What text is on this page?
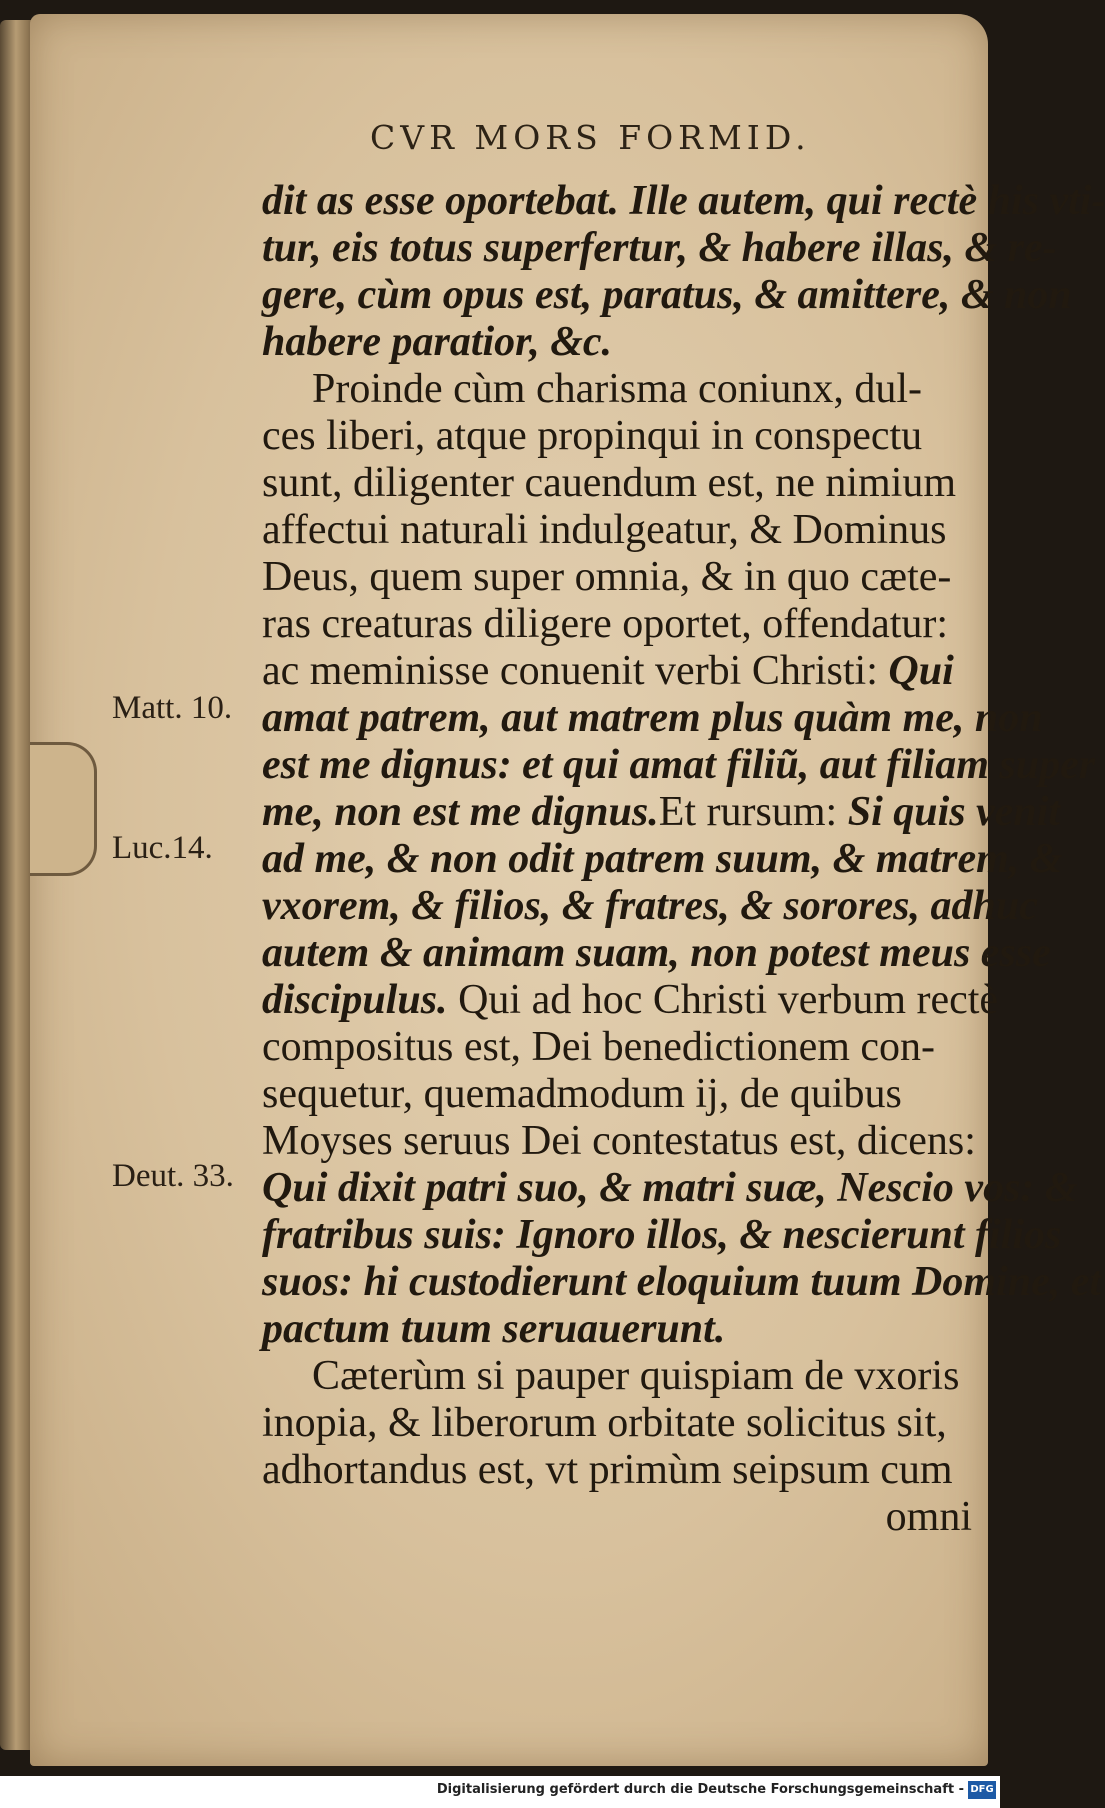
CVR MORS FORMID.
dit as esse oportebat. Ille autem, qui rectè his vti-
tur, eis totus superfertur, & habere illas, & re-
gere, cùm opus est, paratus, & amittere, & non
habere paratior, &c.
Proinde cùm charisma coniunx, dul-
ces liberi, atque propinqui in conspectu
sunt, diligenter cauendum est, ne nimium
affectui naturali indulgeatur, & Dominus
Deus, quem super omnia, & in quo cæte-
ras creaturas diligere oportet, offendatur:
ac meminisse conuenit verbi Christi: Qui
amat patrem, aut matrem plus quàm me, non
est me dignus: et qui amat filiũ, aut filiam super
me, non est me dignus.Et rursum: Si quis venit
ad me, & non odit patrem suum, & matrem, &
vxorem, & filios, & fratres, & sorores, adhuc
autem & animam suam, non potest meus esse
discipulus. Qui ad hoc Christi verbum rectè
compositus est, Dei benedictionem con-
sequetur, quemadmodum ij, de quibus
Moyses seruus Dei contestatus est, dicens:
Qui dixit patri suo, & matri suæ, Nescio vos: &
fratribus suis: Ignoro illos, & nescierunt filios
suos: hi custodierunt eloquium tuum Domine, et
pactum tuum seruauerunt.
Cæterùm si pauper quispiam de vxoris
inopia, & liberorum orbitate solicitus sit,
adhortandus est, vt primùm seipsum cum
omni
Matt. 10.
Luc.14.
Deut. 33.
Digitalisierung gefördert durch die Deutsche Forschungsgemeinschaft - DFG
